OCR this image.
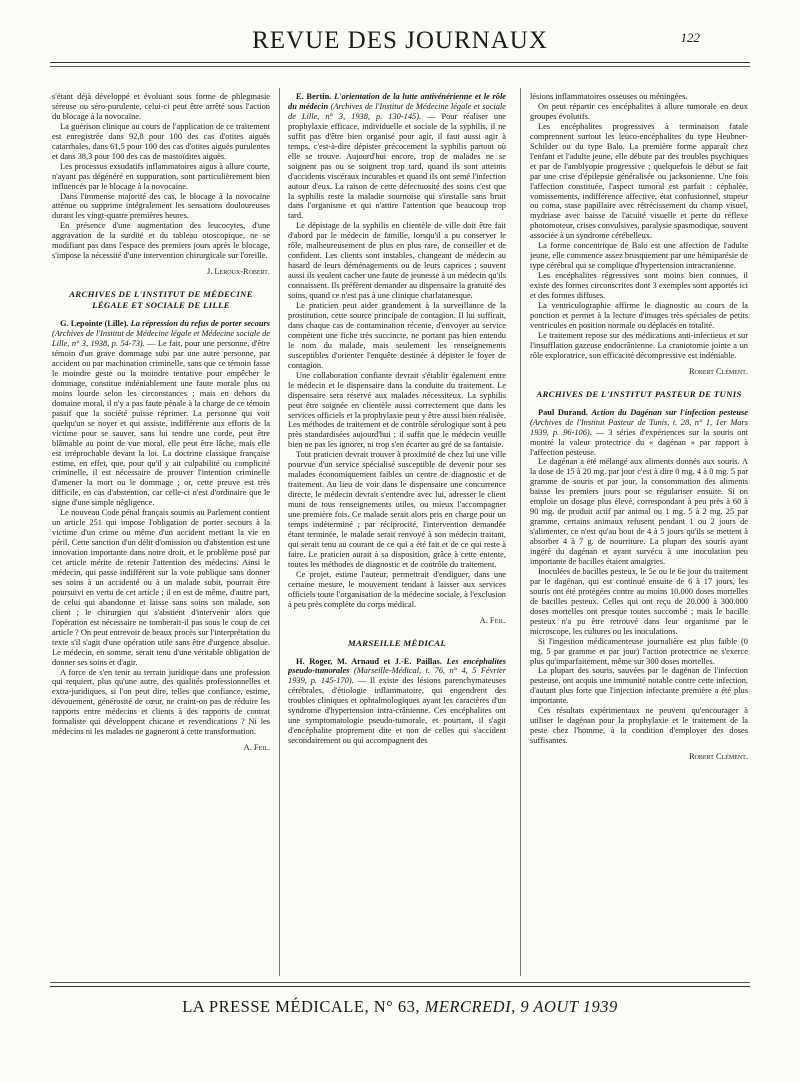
REVUE DES JOURNAUX	122

s'étant déjà développé et évoluant sous forme de phlegmasie séreuse ou séro-purulente, celui-ci peut être arrêté sous l'action du blocage à la novocaïne.

La guérison clinique au cours de l'application de ce traitement est enregistrée dans 92,8 pour 100 des cas d'otites aiguës catarrhales, dans 61,5 pour 100 des cas d'otites aiguës purulentes et dans 38,3 pour 100 des cas de mastoïdites aiguës.

Les processus exsudatifs inflammatoires aigus à allure courte, n'ayant pas dégénéré en suppuration, sont particulièrement bien influencés par le blocage à la novocaïne.

Dans l'immense majorité des cas, le blocage à la novocaïne atténue ou supprime intégralement les sensations douloureuses durant les vingt-quatre premières heures.

En présence d'une augmentation des leucocytes, d'une aggravation de la surdité et du tableau otoscopique, ne se modifiant pas dans l'espace des premiers jours après le blocage, s'impose la nécessité d'une intervention chirurgicale sur l'oreille.

J. Leroux-Robert.
ARCHIVES DE L'INSTITUT DE MÉDECINE LÉGALE ET SOCIALE DE LILLE

G. Lepointe (Lille). La répression du refus de porter secours (Archives de l'Institut de Médecine légale et Médecine sociale de Lille, n° 3, 1938, p. 54-73). — Le fait, pour une personne, d'être témoin d'un grave dommage subi par une autre personne, par accident ou par machination criminelle, sans que ce témoin fasse le moindre geste ou la moindre tentative pour empêcher le dommage, constitue indéniablement une faute morale plus ou moins lourde selon les circonstances ; mais en dehors du domaine moral, il n'y a pas faute pénale à la charge de ce témoin passif que la société puisse réprimer. La personne qui voit quelqu'un se noyer et qui assiste, indifférente aux efforts de la victime pour se sauver, sans lui tendre une corde, peut être blâmable au point de vue moral, elle peut être lâche, mais elle est irréprochable devant la loi. La doctrine classique française estime, en effet, que, pour qu'il y ait culpabilité ou complicité criminelle, il est nécessaire de prouver l'intention criminelle d'amener la mort ou le dommage ; or, cette preuve est très difficile, en cas d'abstention, car celle-ci n'est d'ordinaire que le signe d'une simple négligence.

Le nouveau Code pénal français soumis au Parlement contient un article 251 qui impose l'obligation de porter secours à la victime d'un crime ou même d'un accident mettant la vie en péril. Cette sanction d'un délit d'omission ou d'abstention est une innovation importante dans notre droit, et le problème posé par cet article mérite de retenir l'attention des médecins. Ainsi le médecin, qui passe indifférent sur la voie publique sans donner ses soins à un accidenté ou à un malade subit, pourrait être poursuivi en vertu de cet article ; il en est de même, d'autre part, de celui qui abandonne et laisse sans soins son malade, son client ; le chirurgien qui s'abstient d'intervenir alors que l'opération est nécessaire ne tomberait-il pas sous le coup de cet article ? On peut entrevoir de beaux procès sur l'interprétation du texte s'il s'agit d'une opération utile sans être d'urgence absolue. Le médecin, en somme, serait tenu d'une véritable obligation de donner ses soins et d'agir.

A force de s'en tenir au terrain juridique dans une profession qui requiert, plus qu'une autre, des qualités professionnelles et extra-juridiques, si l'on peut dire, telles que confiance, estime, dévouement, générosité de cœur, ne craint-on pas de réduire les rapports entre médecins et clients à des rapports de contrat formaliste qui développent chicane et revendications ? Ni les médecins ni les malades ne gagneront à cette transformation.

A. Feil.

E. Bertin. L'orientation de la lutte antivénérienne et le rôle du médecin (Archives de l'Institut de Médecine légale et sociale de Lille, n° 3, 1938, p. 130-145). — Pour réaliser une prophylaxie efficace, individuelle et sociale de la syphilis, il ne suffit pas d'être bien organisé pour agir, il faut aussi agir à temps, c'est-à-dire dépister précocement la syphilis partout où elle se trouve. Aujourd'hui encore, trop de malades ne se soignent pas ou se soignent trop tard, quand ils sont atteints d'accidents viscéraux incurables et quand ils ont semé l'infection autour d'eux. La raison de cette défectuosité des soins c'est que la syphilis reste la maladie sournoise qui s'installe sans bruit dans l'organisme et qui n'attire l'attention que beaucoup trop tard.

Le dépistage de la syphilis en clientèle de ville doit être fait d'abord par le médecin de famille, lorsqu'il a pu conserver le rôle, malheureusement de plus en plus rare, de conseiller et de confident. Les clients sont instables, changeant de médecin au hasard de leurs déménagements ou de leurs caprices ; souvent aussi ils veulent cacher une faute de jeunesse à un médecin qu'ils connaissent. Ils préfèrent demander au dispensaire la gratuité des soins, quand ce n'est pas à une clinique charlatanesque.

Le praticien peut aider grandement à la surveillance de la prostitution, cette source principale de contagion. Il lui suffirait, dans chaque cas de contamination récente, d'envoyer au service compétent une fiche très succincte, ne portant pas bien entendu le nom du malade, mais seulement les renseignements susceptibles d'orienter l'enquête destinée à dépister le foyer de contagion.

Une collaboration confiante devrait s'établir également entre le médecin et le dispensaire dans la conduite du traitement. Le dispensaire sera réservé aux malades nécessiteux. La syphilis peut être soignée en clientèle aussi correctement que dans les services officiels et la prophylaxie peut y être aussi bien réalisée. Les méthodes de traitement et de contrôle sérologique sont à peu près standardisées aujourd'hui ; il suffit que le médecin veuille bien ne pas les ignorer, ni trop s'en écarter au gré de sa fantaisie.

Tout praticien devrait trouver à proximité de chez lui une ville pourvue d'un service spécialisé susceptible de devenir pour ses malades économiquement faibles un centre de diagnostic et de traitement. Au lieu de voir dans le dispensaire une concurrence directe, le médecin devrait s'entendre avec lui, adresser le client muni de tous renseignements utiles, ou mieux l'accompagner une première fois. Ce malade serait alors pris en charge pour un temps indéterminé ; par réciprocité, l'intervention demandée étant terminée, le malade serait renvoyé à son médecin traitant, qui serait tenu au courant de ce qui a été fait et de ce qui reste à faire. Le praticien aurait à sa disposition, grâce à cette entente, toutes les méthodes de diagnostic et de contrôle du traitement.

Ce projet, estime l'auteur, permettrait d'endiguer, dans une certaine mesure, le mouvement tendant à laisser aux services officiels toute l'organisation de la médecine sociale, à l'exclusion à peu près complète du corps médical.

A. Feil.
MARSEILLE MÉDICAL

H. Roger, M. Arnaud et J.-E. Paillas. Les encéphalites pseudo-tumorales (Marseille-Médical, t. 76, n° 4, 5 Février 1939, p. 145-170). — Il existe des lésions parenchymateuses cérébrales, d'étiologie inflammatoire, qui engendrent des troubles cliniques et ophtalmologiques ayant les caractères d'un syndrome d'hypertension intra-crânienne. Ces encéphalites ont une symptomatologie pseudo-tumorale, et pourtant, il s'agit d'encéphalite proprement dite et non de celles qui s'accident secondairement ou qui accompagnent des

lésions inflammatoires osseuses ou méningées.

On peut répartir ces encéphalites à allure tumorale en deux groupes évolutifs.

Les encéphalites progressives à terminaison fatale comprennent surtout les leuco-encéphalites du type Heubner-Schilder ou du type Balo. La première forme apparaît chez l'enfant et l'adulte jeune, elle débute par des troubles psychiques et par de l'amblyopie progressive ; quelquefois le début se fait par une crise d'épilepsie généralisée ou jacksonienne. Une fois l'affection constituée, l'aspect tumoral est parfait : céphalée, vomissements, indifférence affective, état confusionnel, stupeur ou coma, stase papillaire avec rétrécissement du champ visuel, mydriase avec baisse de l'acuité visuelle et perte du réflexe photomoteur, crises convulsives, paralysie spasmodique, souvent associée à un syndrome cérébelleux.

La forme concentrique de Balo est une affection de l'adulte jeune, elle commence assez brusquement par une hémiparésie de type cérébral qui se complique d'hypertension intracranienne.

Les encéphalites régressives sont moins bien connues, il existe des formes circonscrites dont 3 exemples sont apportés ici et des formes diffuses.

La ventriculographie affirme le diagnostic au cours de la ponction et permet à la lecture d'images très spéciales de petits ventricules en position normale ou déplacés en totalité.

Le traitement repose sur des médications anti-infectieux et sur l'insufflation gazeuse endocrânienne. La craniotomie jointe a un rôle exploratrice, son efficacité décompressive est indéniable.

Robert Clément.
ARCHIVES DE L'INSTITUT PASTEUR DE TUNIS

Paul Durand. Action du Dagénan sur l'infection pesteuse (Archives de l'Institut Pasteur de Tunis, t. 28, n° 1, 1er Mars 1939, p. 96-106). — 3 séries d'expériences sur la souris ont montré la valeur protectrice du « dagénan » par rapport à l'affection pesteuse.

Le dagénan a été mélangé aux aliments donnés aux souris. A la dose de 15 à 20 mg. par jour c'est à dire 0 mg. 4 à 0 mg. 5 par gramme de souris et par jour, la consommation des aliments baisse les premiers jours pour se régulariser ensuite. Si on emploie un dosage plus élevé, correspondant à peu près à 60 à 90 mg. de produit actif par animal ou 1 mg. 5 à 2 mg. 25 par gramme, certains animaux refusent pendant 1 ou 2 jours de s'alimenter, ce n'est qu'au bout de 4 à 5 jours qu'ils se mettent à absorber 4 à 7 g. de nourriture. La plupart des souris ayant ingéré du dagénan et ayant survécu à une inoculation peu importante de bacilles étaient amaigries.

Inoculées de bacilles pesteux, le 5e ou le 6e jour du traitement par le dagénan, qui est continué ensuite de 6 à 17 jours, les souris ont été protégées contre au moins 10.000 doses mortelles de bacilles pesteux. Celles qui ont reçu de 20.000 à 300.000 doses mortelles ont presque toutes succombé ; mais le bacille pesteux n'a pu être retrouvé dans leur organisme par le microscope, les cultures ou les inoculations.

Si l'ingestion médicamenteuse journalière est plus faible (0 mg. 5 par gramme et par jour) l'action protectrice ne s'exerce plus qu'imparfaitement, même sur 300 doses mortelles.

La plupart des souris, sauvées par le dagénan de l'infection pesteuse, ont acquis une immunité notable contre cette infection, d'autant plus forte que l'injection infectante première a été plus importante.

Ces résultats expérimentaux ne peuvent qu'encourager à utiliser le dagénan pour la prophylaxie et le traitement de la peste chez l'homme, à la condition d'employer des doses suffisantes.

Robert Clément.
LA PRESSE MÉDICALE, N° 63, MERCREDI, 9 AOUT 1939
